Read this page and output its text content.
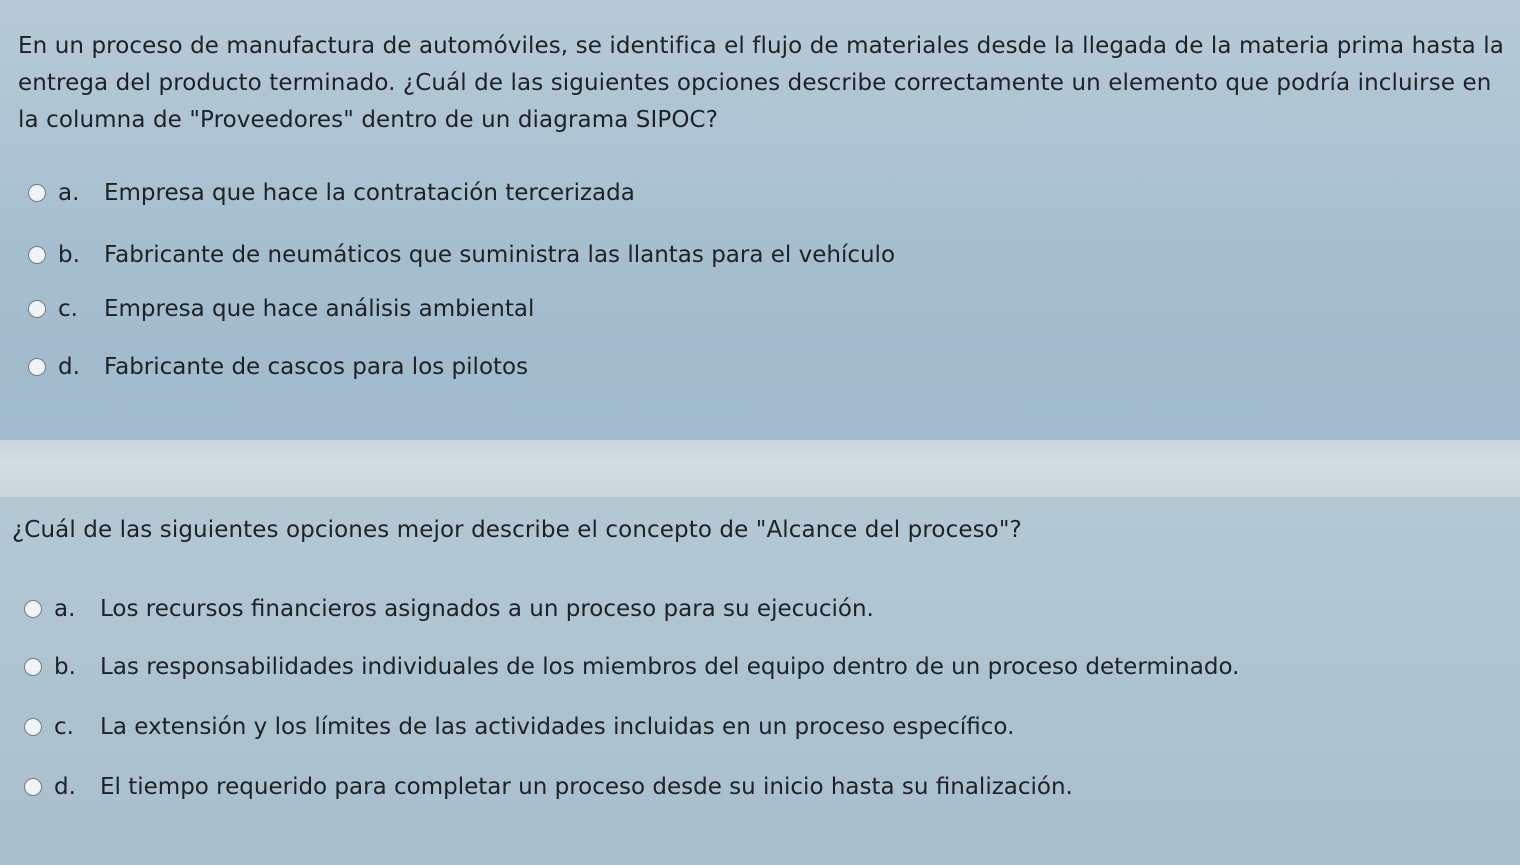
En un proceso de manufactura de automóviles, se identifica el flujo de materiales desde la llegada de la materia prima hasta la entrega del producto terminado. ¿Cuál de las siguientes opciones describe correctamente un elemento que podría incluirse en la columna de "Proveedores" dentro de un diagrama SIPOC?
a.	Empresa que hace la contratación tercerizada
b.	Fabricante de neumáticos que suministra las llantas para el vehículo
c.	Empresa que hace análisis ambiental
d.	Fabricante de cascos para los pilotos
¿Cuál de las siguientes opciones mejor describe el concepto de "Alcance del proceso"?
a.	Los recursos financieros asignados a un proceso para su ejecución.
b.	Las responsabilidades individuales de los miembros del equipo dentro de un proceso determinado.
c.	La extensión y los límites de las actividades incluidas en un proceso específico.
d.	El tiempo requerido para completar un proceso desde su inicio hasta su finalización.
